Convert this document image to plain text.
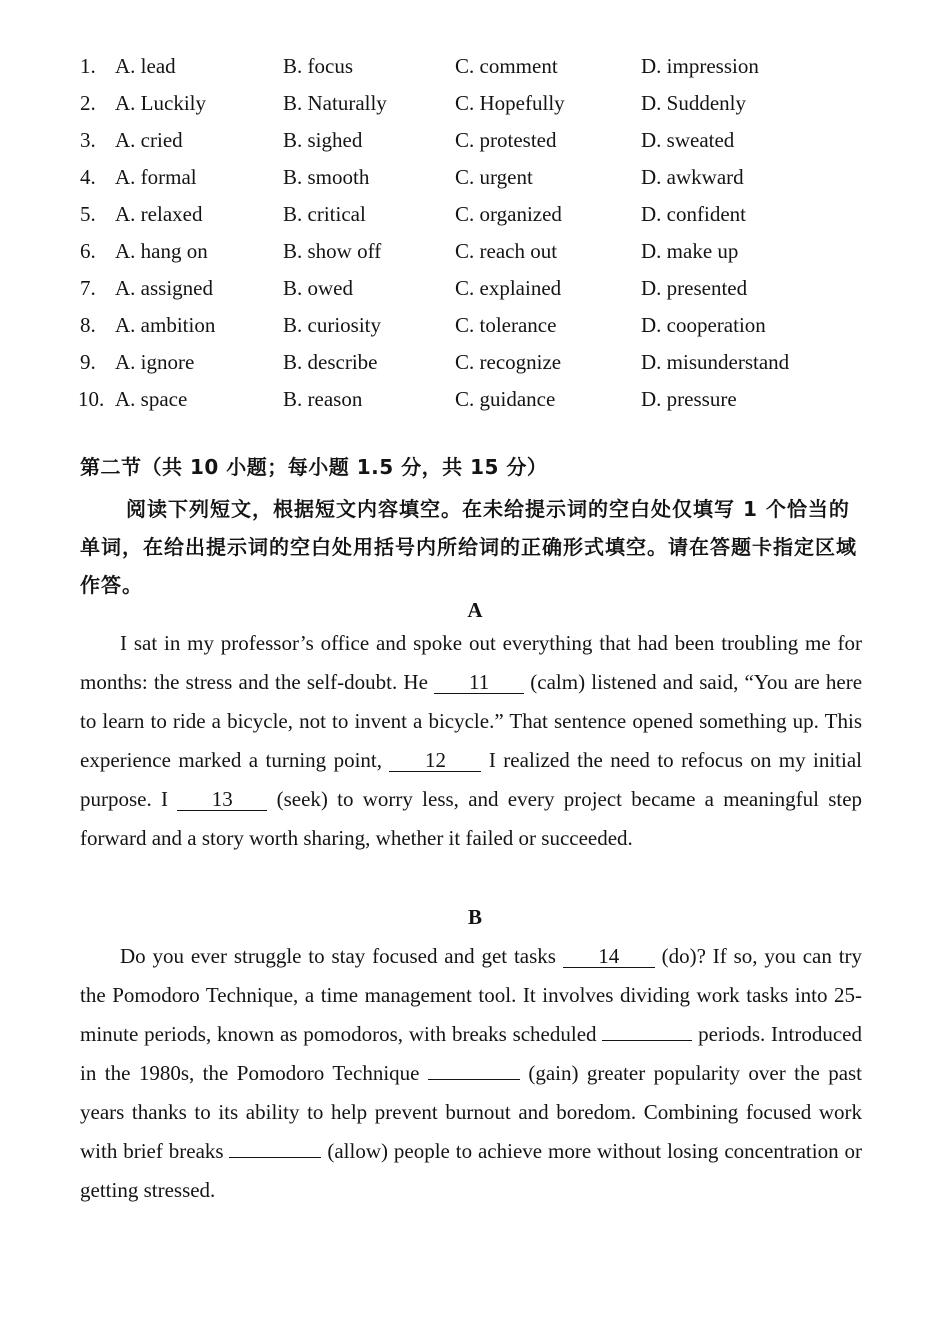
1. A. lead	B. focus	C. comment	D. impression
2. A. Luckily	B. Naturally	C. Hopefully	D. Suddenly
3. A. cried	B. sighed	C. protested	D. sweated
4. A. formal	B. smooth	C. urgent	D. awkward
5. A. relaxed	B. critical	C. organized	D. confident
6. A. hang on	B. show off	C. reach out	D. make up
7. A. assigned	B. owed	C. explained	D. presented
8. A. ambition	B. curiosity	C. tolerance	D. cooperation
9. A. ignore	B. describe	C. recognize	D. misunderstand
10. A. space	B. reason	C. guidance	D. pressure
第二节（共 10 小题；每小题 1.5 分，共 15 分）

阅读下列短文，根据短文内容填空。在未给提示词的空白处仅填写 1 个恰当的单词，在给出提示词的空白处用括号内所给词的正确形式填空。请在答题卡指定区域作答。

A

I sat in my professor’s office and spoke out everything that had been troubling me for months: the stress and the self-doubt. He 11 (calm) listened and said, “You are here to learn to ride a bicycle, not to invent a bicycle.” That sentence opened something up. This experience marked a turning point, 12 I realized the need to refocus on my initial purpose. I 13 (seek) to worry less, and every project became a meaningful step forward and a story worth sharing, whether it failed or succeeded.

B

Do you ever struggle to stay focused and get tasks 14 (do)? If so, you can try the Pomodoro Technique, a time management tool. It involves dividing work tasks into 25-minute periods, known as pomodoros, with breaks scheduled	periods. Introduced in the 1980s, the Pomodoro Technique	(gain) greater popularity over the past years thanks to its ability to help prevent burnout and boredom. Combining focused work with brief breaks	(allow) people to achieve more without losing concentration or getting stressed.
